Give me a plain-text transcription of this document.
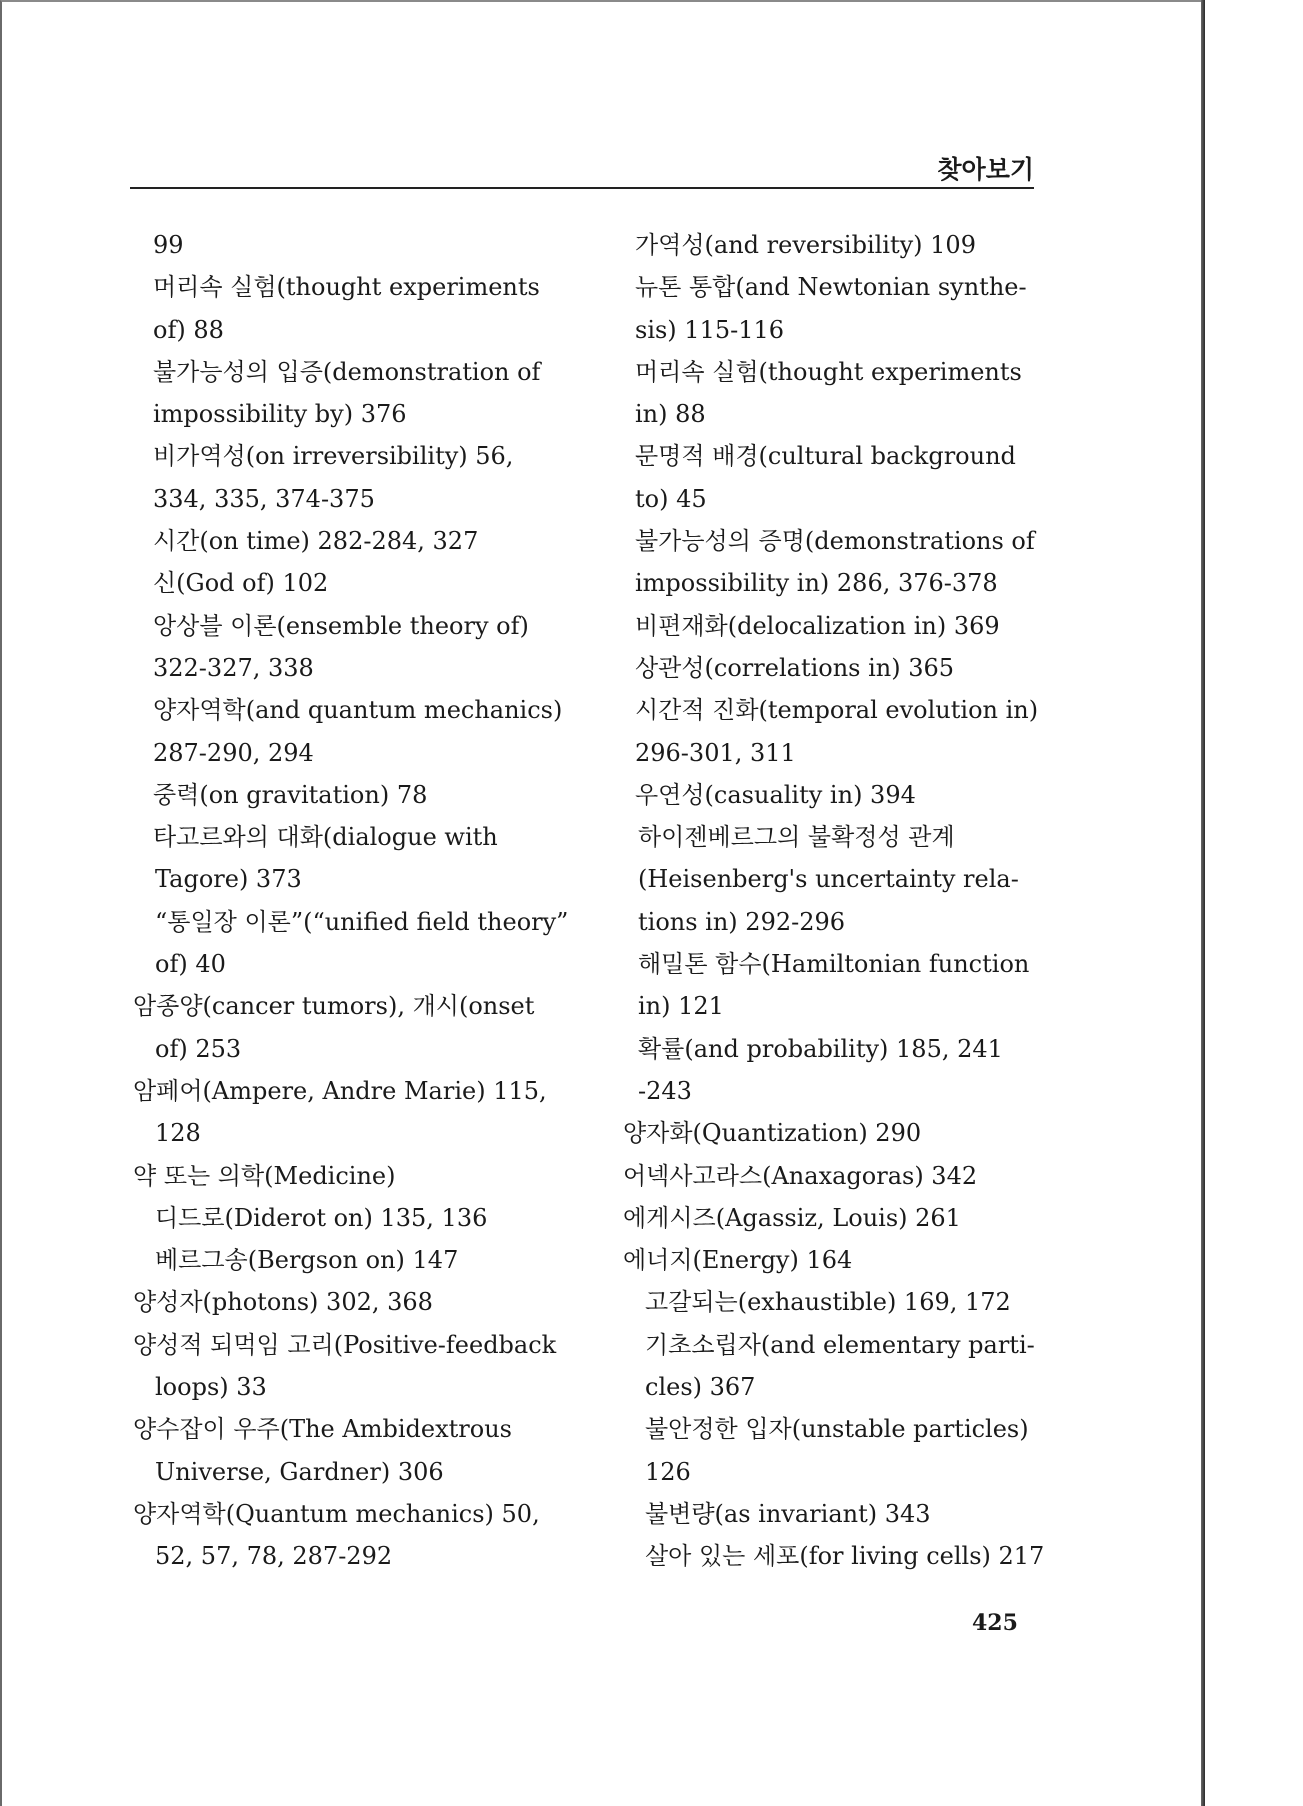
찾아보기
99
머리속 실험(thought experiments
of) 88
불가능성의 입증(demonstration of
impossibility by) 376
비가역성(on irreversibility) 56,
334, 335, 374-375
시간(on time) 282-284, 327
신(God of) 102
앙상블 이론(ensemble theory of)
322-327, 338
양자역학(and quantum mechanics)
287-290, 294
중력(on gravitation) 78
타고르와의 대화(dialogue with
Tagore) 373
“통일장 이론”(“unified field theory”
of) 40
암종양(cancer tumors), 개시(onset
of) 253
암페어(Ampere, Andre Marie) 115,
128
약 또는 의학(Medicine)
디드로(Diderot on) 135, 136
베르그송(Bergson on) 147
양성자(photons) 302, 368
양성적 되먹임 고리(Positive-feedback
loops) 33
양수잡이 우주(The Ambidextrous
Universe, Gardner) 306
양자역학(Quantum mechanics) 50,
52, 57, 78, 287-292
가역성(and reversibility) 109
뉴톤 통합(and Newtonian synthe-
sis) 115-116
머리속 실험(thought experiments
in) 88
문명적 배경(cultural background
to) 45
불가능성의 증명(demonstrations of
impossibility in) 286, 376-378
비편재화(delocalization in) 369
상관성(correlations in) 365
시간적 진화(temporal evolution in)
296-301, 311
우연성(casuality in) 394
하이젠베르그의 불확정성 관계
(Heisenberg's uncertainty rela-
tions in) 292-296
해밀톤 함수(Hamiltonian function
in) 121
확률(and probability) 185, 241
-243
양자화(Quantization) 290
어넥사고라스(Anaxagoras) 342
에게시즈(Agassiz, Louis) 261
에너지(Energy) 164
고갈되는(exhaustible) 169, 172
기초소립자(and elementary parti-
cles) 367
불안정한 입자(unstable particles)
126
불변량(as invariant) 343
살아 있는 세포(for living cells) 217
425
